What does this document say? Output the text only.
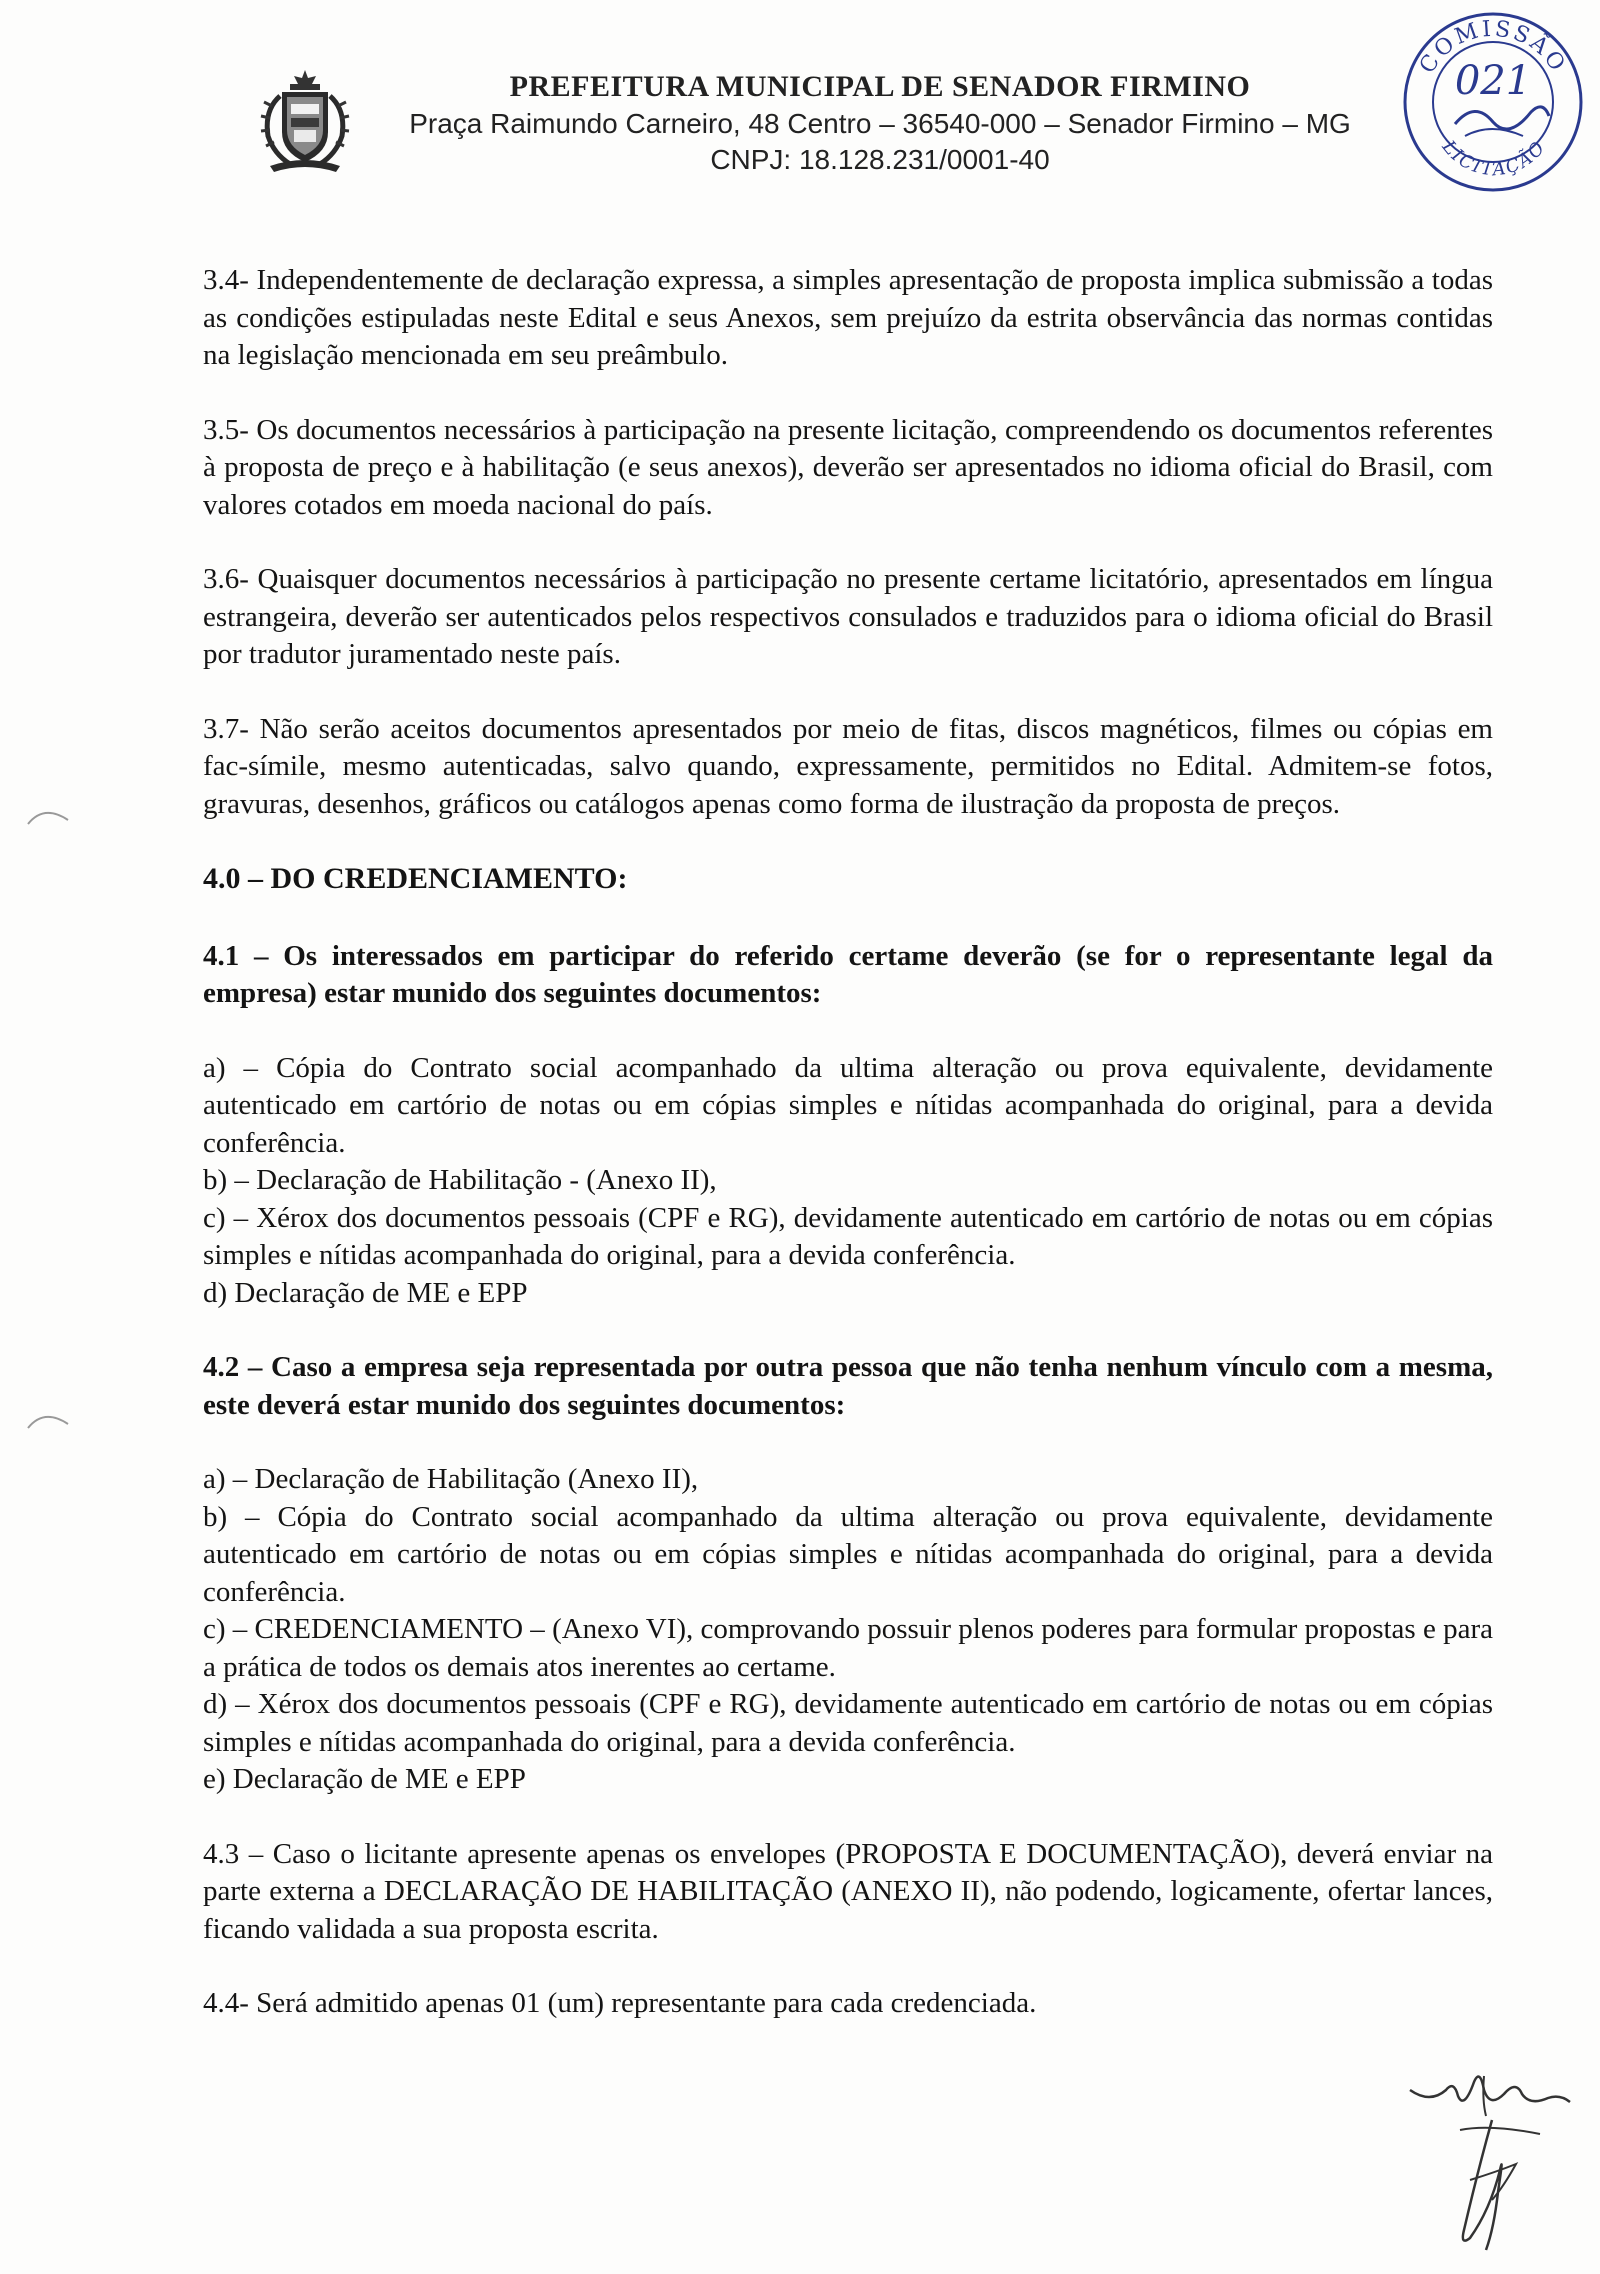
PREFEITURA MUNICIPAL DE SENADOR FIRMINO
Praça Raimundo Carneiro, 48 Centro – 36540-000 – Senador Firmino – MG
CNPJ: 18.128.231/0001-40
COMISSÃO
021
LICITAÇÃO

3.4- Independentemente de declaração expressa, a simples apresentação de proposta implica submissão a todas as condições estipuladas neste Edital e seus Anexos, sem prejuízo da estrita observância das normas contidas na legislação mencionada em seu preâmbulo.

3.5- Os documentos necessários à participação na presente licitação, compreendendo os documentos referentes à proposta de preço e à habilitação (e seus anexos), deverão ser apresentados no idioma oficial do Brasil, com valores cotados em moeda nacional do país.

3.6- Quaisquer documentos necessários à participação no presente certame licitatório, apresentados em língua estrangeira, deverão ser autenticados pelos respectivos consulados e traduzidos para o idioma oficial do Brasil por tradutor juramentado neste país.

3.7- Não serão aceitos documentos apresentados por meio de fitas, discos magnéticos, filmes ou cópias em fac-símile, mesmo autenticadas, salvo quando, expressamente, permitidos no Edital. Admitem-se fotos, gravuras, desenhos, gráficos ou catálogos apenas como forma de ilustração da proposta de preços.

4.0 – DO CREDENCIAMENTO:

4.1 – Os interessados em participar do referido certame deverão (se for o representante legal da empresa) estar munido dos seguintes documentos:

a) – Cópia do Contrato social acompanhado da ultima alteração ou prova equivalente, devidamente autenticado em cartório de notas ou em cópias simples e nítidas acompanhada do original, para a devida conferência.

b) – Declaração de Habilitação - (Anexo II),

c) – Xérox dos documentos pessoais (CPF e RG), devidamente autenticado em cartório de notas ou em cópias simples e nítidas acompanhada do original, para a devida conferência.

d) Declaração de ME e EPP

4.2 – Caso a empresa seja representada por outra pessoa que não tenha nenhum vínculo com a mesma, este deverá estar munido dos seguintes documentos:

a) – Declaração de Habilitação (Anexo II),

b) – Cópia do Contrato social acompanhado da ultima alteração ou prova equivalente, devidamente autenticado em cartório de notas ou em cópias simples e nítidas acompanhada do original, para a devida conferência.

c) – CREDENCIAMENTO – (Anexo VI), comprovando possuir plenos poderes para formular propostas e para a prática de todos os demais atos inerentes ao certame.

d) – Xérox dos documentos pessoais (CPF e RG), devidamente autenticado em cartório de notas ou em cópias simples e nítidas acompanhada do original, para a devida conferência.

e) Declaração de ME e EPP

4.3 – Caso o licitante apresente apenas os envelopes (PROPOSTA E DOCUMENTAÇÃO), deverá enviar na parte externa a DECLARAÇÃO DE HABILITAÇÃO (ANEXO II), não podendo, logicamente, ofertar lances, ficando validada a sua proposta escrita.

4.4- Será admitido apenas 01 (um) representante para cada credenciada.
